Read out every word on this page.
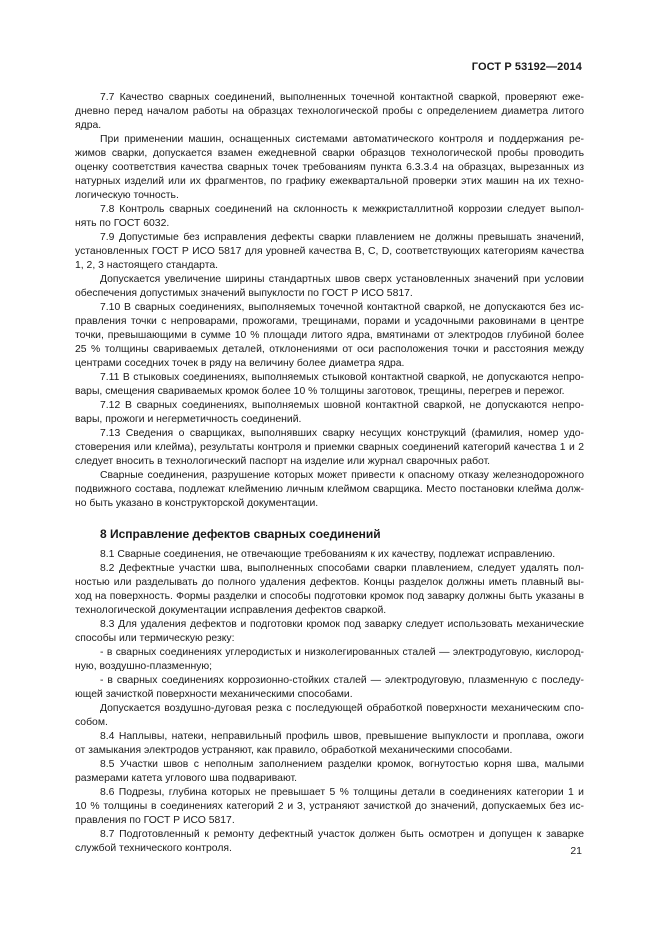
ГОСТ Р 53192—2014
7.7 Качество сварных соединений, выполненных точечной контактной сваркой, проверяют еже-
дневно перед началом работы на образцах технологической пробы с определением диаметра литого
ядра.
При применении машин, оснащенных системами автоматического контроля и поддержания ре-
жимов сварки, допускается взамен ежедневной сварки образцов технологической пробы проводить
оценку соответствия качества сварных точек требованиям пункта 6.3.3.4 на образцах, вырезанных из
натурных изделий или их фрагментов, по графику ежеквартальной проверки этих машин на их техно-
логическую точность.
7.8 Контроль сварных соединений на склонность к межкристаллитной коррозии следует выпол-
нять по ГОСТ 6032.
7.9 Допустимые без исправления дефекты сварки плавлением не должны превышать значений,
установленных ГОСТ Р ИСО 5817 для уровней качества B, C, D, соответствующих категориям качества
1, 2, 3 настоящего стандарта.
Допускается увеличение ширины стандартных швов сверх установленных значений при условии
обеспечения допустимых значений выпуклости по ГОСТ Р ИСО 5817.
7.10 В сварных соединениях, выполняемых точечной контактной сваркой, не допускаются без ис-
правления точки с непроварами, прожогами, трещинами, порами и усадочными раковинами в центре
точки, превышающими в сумме 10 % площади литого ядра, вмятинами от электродов глубиной более
25 % толщины свариваемых деталей, отклонениями от оси расположения точки и расстояния между
центрами соседних точек в ряду на величину более диаметра ядра.
7.11 В стыковых соединениях, выполняемых стыковой контактной сваркой, не допускаются непро-
вары, смещения свариваемых кромок более 10 % толщины заготовок, трещины, перегрев и пережог.
7.12 В сварных соединениях, выполняемых шовной контактной сваркой, не допускаются непро-
вары, прожоги и негерметичность соединений.
7.13 Сведения о сварщиках, выполнявших сварку несущих конструкций (фамилия, номер удо-
стоверения или клейма), результаты контроля и приемки сварных соединений категорий качества 1 и 2
следует вносить в технологический паспорт на изделие или журнал сварочных работ.
Сварные соединения, разрушение которых может привести к опасному отказу железнодорожного
подвижного состава, подлежат клеймению личным клеймом сварщика. Место постановки клейма долж-
но быть указано в конструкторской документации.
8 Исправление дефектов сварных соединений
8.1 Сварные соединения, не отвечающие требованиям к их качеству, подлежат исправлению.
8.2 Дефектные участки шва, выполненных способами сварки плавлением, следует удалять пол-
ностью или разделывать до полного удаления дефектов. Концы разделок должны иметь плавный вы-
ход на поверхность. Формы разделки и способы подготовки кромок под заварку должны быть указаны в
технологической документации исправления дефектов сваркой.
8.3 Для удаления дефектов и подготовки кромок под заварку следует использовать механические
способы или термическую резку:
- в сварных соединениях углеродистых и низколегированных сталей — электродуговую, кислород-
ную, воздушно-плазменную;
- в сварных соединениях коррозионно-стойких сталей — электродуговую, плазменную с последу-
ющей зачисткой поверхности механическими способами.
Допускается воздушно-дуговая резка с последующей обработкой поверхности механическим спо-
собом.
8.4 Наплывы, натеки, неправильный профиль швов, превышение выпуклости и проплава, ожоги
от замыкания электродов устраняют, как правило, обработкой механическими способами.
8.5 Участки швов с неполным заполнением разделки кромок, вогнутостью корня шва, малыми
размерами катета углового шва подваривают.
8.6 Подрезы, глубина которых не превышает 5 % толщины детали в соединениях категории 1 и
10 % толщины в соединениях категорий 2 и 3, устраняют зачисткой до значений, допускаемых без ис-
правления по ГОСТ Р ИСО 5817.
8.7 Подготовленный к ремонту дефектный участок должен быть осмотрен и допущен к заварке
службой технического контроля.	21
